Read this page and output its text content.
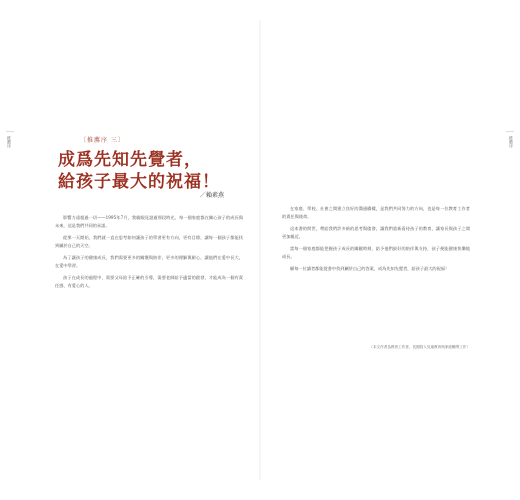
——
推薦序
——
推薦序
〔推薦序 三〕
成爲先知先覺者，
給孩子最大的祝福！
／賴素燕

影響力遠超過一切——1995年7月，我親眼見證過那段時光，每一個家庭都在關心孩子的成長與未來，這是我們共同的承諾。

從那一天開始，我們就一直在思考如何讓孩子的學習更有方向，更有目標，讓每一個孩子都能找到屬於自己的天空。

為了讓孩子的健康成長，我們需要更多的關懷與陪伴，更多的理解與耐心，讓他們在愛中長大，在愛中學習。

孩子在成長的過程中，需要父母給予正確的引導，需要老師給予適當的啟發，才能成為一個有責任感、有愛心的人。

在家庭、學校、社會之間建立良好的溝通橋樑，是我們共同努力的方向，也是每一位教育工作者的責任與使命。

這本書的問世，帶給我們許多新的思考與啟發，讓我們重新看待孩子的教育，讓家長與孩子之間更加親近。

當每一個家庭都能把握孩子成長的關鍵時刻，給予他們最好的陪伴與支持，孩子便能健康快樂地成長。

願每一位讀者都能從書中找到屬於自己的答案，成為先知先覺者，給孩子最大的祝福！

（本文作者為教育工作者，長期投入兒童教育與家庭輔導工作）
